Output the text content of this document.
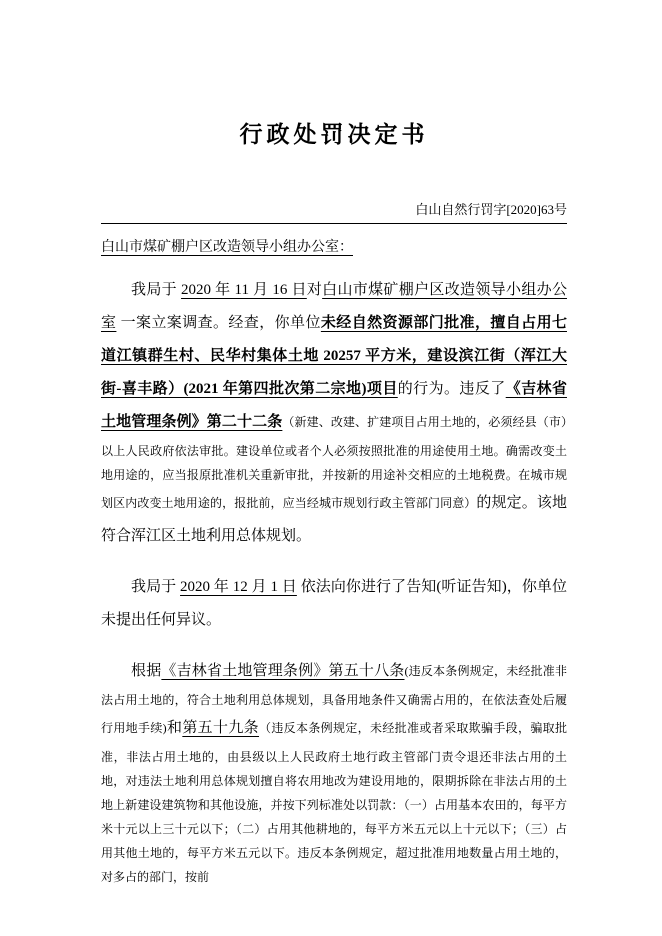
行政处罚决定书
白山自然行罚字[2020]63号
白山市煤矿棚户区改造领导小组办公室：

我局于 2020 年 11 月 16 日对白山市煤矿棚户区改造领导小组办公室 一案立案调查。经查，你单位未经自然资源部门批准，擅自占用七道江镇群生村、民华村集体土地 20257 平方米，建设滨江街（浑江大街-喜丰路）(2021 年第四批次第二宗地)项目的行为。违反了《吉林省土地管理条例》第二十二条（新建、改建、扩建项目占用土地的，必须经县（市）以上人民政府依法审批。建设单位或者个人必须按照批准的用途使用土地。确需改变土地用途的，应当报原批准机关重新审批，并按新的用途补交相应的土地税费。在城市规划区内改变土地用途的，报批前，应当经城市规划行政主管部门同意）的规定。该地符合浑江区土地利用总体规划。

我局于 2020 年 12 月 1 日 依法向你进行了告知(听证告知)，你单位未提出任何异议。

根据《吉林省土地管理条例》第五十八条(违反本条例规定，未经批准非法占用土地的，符合土地利用总体规划，具备用地条件又确需占用的，在依法查处后履行用地手续)和第五十九条（违反本条例规定，未经批准或者采取欺骗手段，骗取批准，非法占用土地的，由县级以上人民政府土地行政主管部门责令退还非法占用的土地，对违法土地利用总体规划擅自将农用地改为建设用地的，限期拆除在非法占用的土地上新建设建筑物和其他设施，并按下列标准处以罚款：（一）占用基本农田的，每平方米十元以上三十元以下；（二）占用其他耕地的，每平方米五元以上十元以下；（三）占用其他土地的，每平方米五元以下。违反本条例规定，超过批准用地数量占用土地的，对多占的部门，按前
